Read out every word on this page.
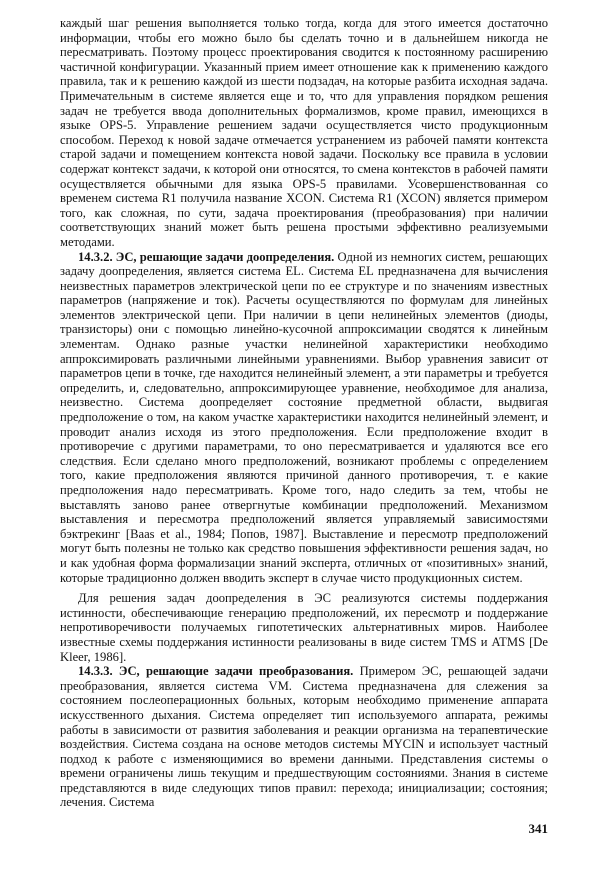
каждый шаг решения выполняется только тогда, когда для этого имеется достаточно информации, чтобы его можно было бы сделать точно и в дальнейшем никогда не пересматривать. Поэтому процесс проектирования сводится к постоянному расширению частичной конфигурации. Указанный прием имеет отношение как к применению каждого правила, так и к решению каждой из шести подзадач, на которые разбита исходная задача. Примечательным в системе является еще и то, что для управления порядком решения задач не требуется ввода дополнительных формализмов, кроме правил, имеющихся в языке OPS-5. Управление решением задачи осуществляется чисто продукционным способом. Переход к новой задаче отмечается устранением из рабочей памяти контекста старой задачи и помещением контекста новой задачи. Поскольку все правила в условии содержат контекст задачи, к которой они относятся, то смена контекстов в рабочей памяти осуществляется обычными для языка OPS-5 правилами. Усовершенствованная со временем система R1 получила название XCON. Система R1 (XCON) является примером того, как сложная, по сути, задача проектирования (преобразования) при наличии соответствующих знаний может быть решена простыми эффективно реализуемыми методами.

14.3.2. ЭС, решающие задачи доопределения. Одной из немногих систем, решающих задачу доопределения, является система EL. Система EL предназначена для вычисления неизвестных параметров электрической цепи по ее структуре и по значениям известных параметров (напряжение и ток). Расчеты осуществляются по формулам для линейных элементов электрической цепи. При наличии в цепи нелинейных элементов (диоды, транзисторы) они с помощью линейно-кусочной аппроксимации сводятся к линейным элементам. Однако разные участки нелинейной характеристики необходимо аппроксимировать различными линейными уравнениями. Выбор уравнения зависит от параметров цепи в точке, где находится нелинейный элемент, а эти параметры и требуется определить, и, следовательно, аппроксимирующее уравнение, необходимое для анализа, неизвестно. Система доопределяет состояние предметной области, выдвигая предположение о том, на каком участке характеристики находится нелинейный элемент, и проводит анализ исходя из этого предположения. Если предположение входит в противоречие с другими параметрами, то оно пересматривается и удаляются все его следствия. Если сделано много предположений, возникают проблемы с определением того, какие предположения являются причиной данного противоречия, т. е какие предположения надо пересматривать. Кроме того, надо следить за тем, чтобы не выставлять заново ранее отвергнутые комбинации предположений. Механизмом выставления и пересмотра предположений является управляемый зависимостями бэктрекинг [Baas et al., 1984; Попов, 1987]. Выставление и пересмотр предположений могут быть полезны не только как средство повышения эффективности решения задач, но и как удобная форма формализации знаний эксперта, отличных от «позитивных» знаний, которые традиционно должен вводить эксперт в случае чисто продукционных систем.

Для решения задач доопределения в ЭС реализуются системы поддержания истинности, обеспечивающие генерацию предположений, их пересмотр и поддержание непротиворечивости получаемых гипотетических альтернативных миров. Наиболее известные схемы поддержания истинности реализованы в виде систем TMS и ATMS [De Kleer, 1986].

14.3.3. ЭС, решающие задачи преобразования. Примером ЭС, решающей задачи преобразования, является система VM. Система предназначена для слежения за состоянием послеоперационных больных, которым необходимо применение аппарата искусственного дыхания. Система определяет тип используемого аппарата, режимы работы в зависимости от развития заболевания и реакции организма на терапевтические воздействия. Система создана на основе методов системы MYCIN и использует частный подход к работе с изменяющимися во времени данными. Представления системы о времени ограничены лишь текущим и предшествующим состояниями. Знания в системе представляются в виде следующих типов правил: перехода; инициализации; состояния; лечения. Система

341
